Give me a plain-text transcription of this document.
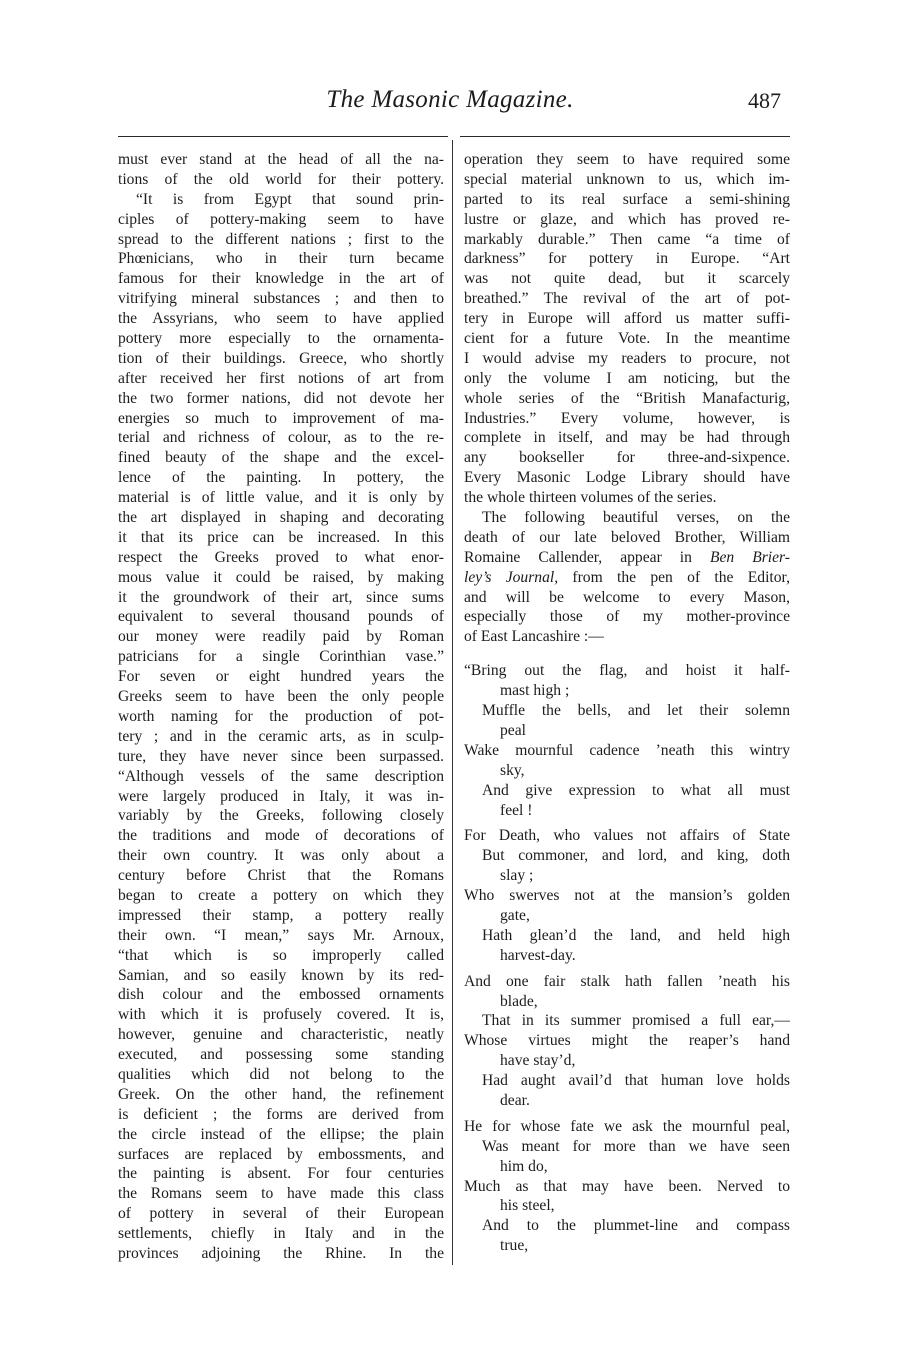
The Masonic Magazine.	487
must ever stand at the head of all the na-
tions of the old world for their pottery.
“It is from Egypt that sound prin-
ciples of pottery-making seem to have
spread to the different nations ; first to the
Phœnicians, who in their turn became
famous for their knowledge in the art of
vitrifying mineral substances ; and then to
the Assyrians, who seem to have applied
pottery more especially to the ornamenta-
tion of their buildings. Greece, who shortly
after received her first notions of art from
the two former nations, did not devote her
energies so much to improvement of ma-
terial and richness of colour, as to the re-
fined beauty of the shape and the excel-
lence of the painting. In pottery, the
material is of little value, and it is only by
the art displayed in shaping and decorating
it that its price can be increased. In this
respect the Greeks proved to what enor-
mous value it could be raised, by making
it the groundwork of their art, since sums
equivalent to several thousand pounds of
our money were readily paid by Roman
patricians for a single Corinthian vase.”
For seven or eight hundred years the
Greeks seem to have been the only people
worth naming for the production of pot-
tery ; and in the ceramic arts, as in sculp-
ture, they have never since been surpassed.
“Although vessels of the same description
were largely produced in Italy, it was in-
variably by the Greeks, following closely
the traditions and mode of decorations of
their own country. It was only about a
century before Christ that the Romans
began to create a pottery on which they
impressed their stamp, a pottery really
their own. “I mean,” says Mr. Arnoux,
“that which is so improperly called
Samian, and so easily known by its red-
dish colour and the embossed ornaments
with which it is profusely covered. It is,
however, genuine and characteristic, neatly
executed, and possessing some standing
qualities which did not belong to the
Greek. On the other hand, the refinement
is deficient ; the forms are derived from
the circle instead of the ellipse; the plain
surfaces are replaced by embossments, and
the painting is absent. For four centuries
the Romans seem to have made this class
of pottery in several of their European
settlements, chiefly in Italy and in the
provinces adjoining the Rhine. In the
operation they seem to have required some
special material unknown to us, which im-
parted to its real surface a semi-shining
lustre or glaze, and which has proved re-
markably durable.” Then came “a time of
darkness” for pottery in Europe. “Art
was not quite dead, but it scarcely
breathed.” The revival of the art of pot-
tery in Europe will afford us matter suffi-
cient for a future Vote. In the meantime
I would advise my readers to procure, not
only the volume I am noticing, but the
whole series of the “British Manafacturig,
Industries.” Every volume, however, is
complete in itself, and may be had through
any bookseller for three-and-sixpence.
Every Masonic Lodge Library should have
the whole thirteen volumes of the series.
The following beautiful verses, on the
death of our late beloved Brother, William
Romaine Callender, appear in Ben Brier-
ley’s Journal, from the pen of the Editor,
and will be welcome to every Mason,
especially those of my mother-province
of East Lancashire :—
“Bring out the flag, and hoist it half-
mast high ;
Muffle the bells, and let their solemn
peal
Wake mournful cadence ’neath this wintry
sky,
And give expression to what all must
feel !
For Death, who values not affairs of State
But commoner, and lord, and king, doth
slay ;
Who swerves not at the mansion’s golden
gate,
Hath glean’d the land, and held high
harvest-day.
And one fair stalk hath fallen ’neath his
blade,
That in its summer promised a full ear,—
Whose virtues might the reaper’s hand
have stay’d,
Had aught avail’d that human love holds
dear.
He for whose fate we ask the mournful peal,
Was meant for more than we have seen
him do,
Much as that may have been. Nerved to
his steel,
And to the plummet-line and compass
true,
